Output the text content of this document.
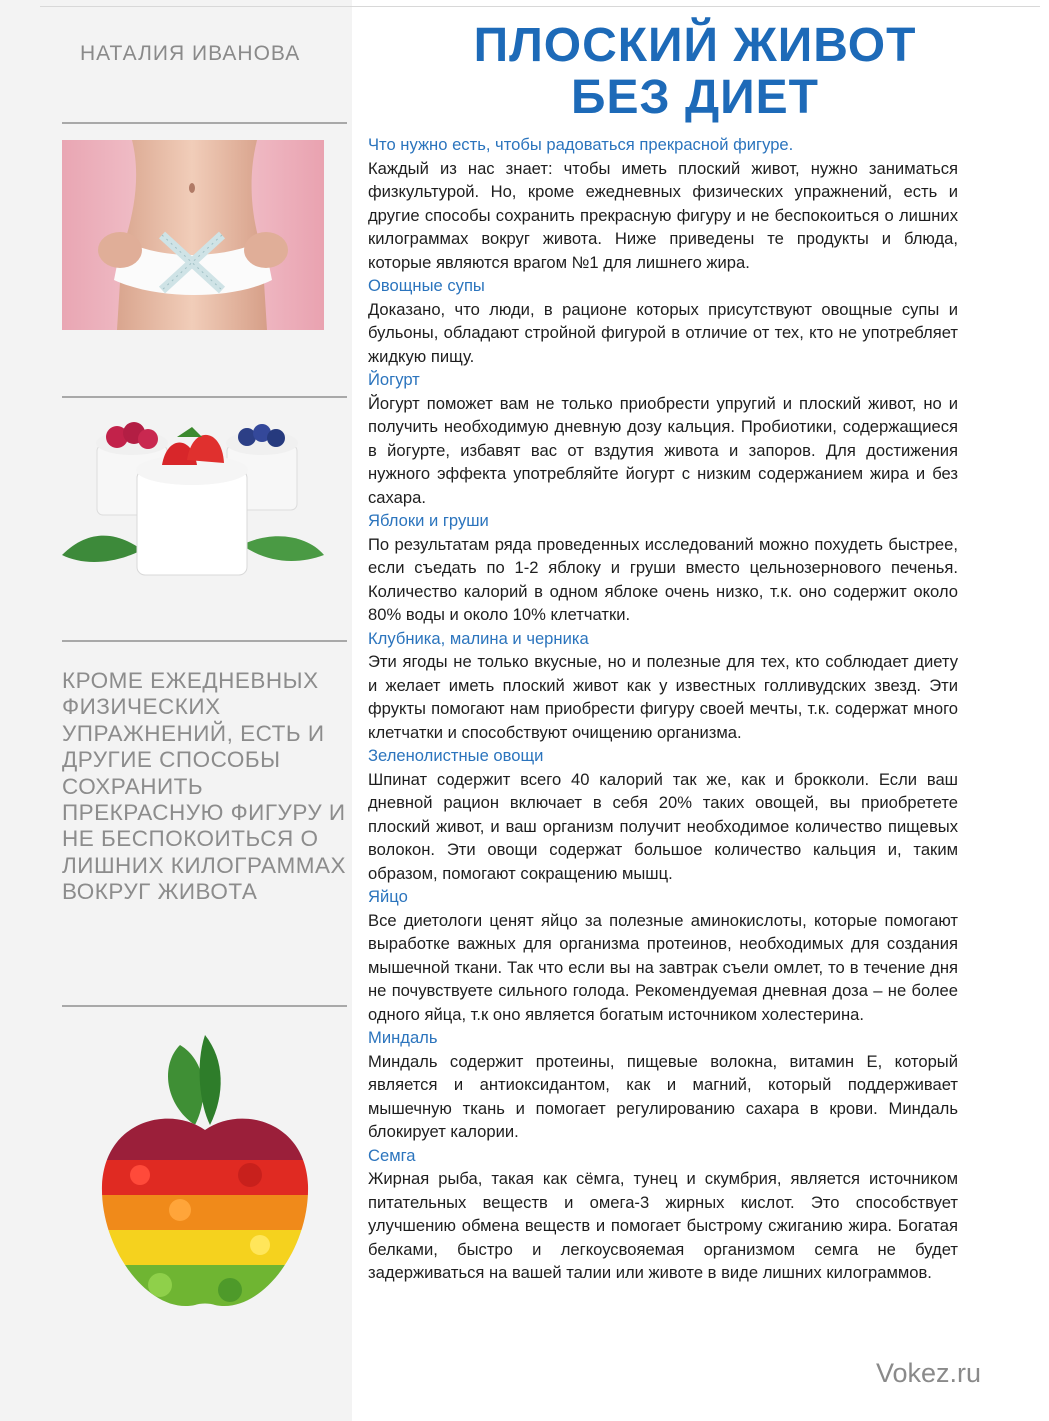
НАТАЛИЯ ИВАНОВА	ПЛОСКИЙ ЖИВОТ
БЕЗ ДИЕТ
КРОМЕ ЕЖЕДНЕВНЫХ ФИЗИЧЕСКИХ УПРАЖНЕНИЙ, ЕСТЬ И ДРУГИЕ СПОСОБЫ СОХРАНИТЬ ПРЕКРАСНУЮ ФИГУРУ И НЕ БЕСПОКОИТЬСЯ О ЛИШНИХ КИЛОГРАММАХ ВОКРУГ ЖИВОТА

Что нужно есть, чтобы радоваться прекрасной фигуре.

Каждый из нас знает: чтобы иметь плоский живот, нужно заниматься физкультурой. Но, кроме ежедневных физических упражнений, есть и другие способы сохранить прекрасную фигуру и не беспокоиться о лишних килограммах вокруг живота. Ниже приведены те продукты и блюда, которые являются врагом №1 для лишнего жира.

Овощные супы

Доказано, что люди, в рационе которых присутствуют овощные супы и бульоны, обладают стройной фигурой в отличие от тех, кто не употребляет жидкую пищу.

Йогурт

Йогурт поможет вам не только приобрести упругий и плоский живот, но и получить необходимую дневную дозу кальция. Пробиотики, содержащиеся в йогурте, избавят вас от вздутия живота и запоров. Для достижения нужного эффекта употребляйте йогурт с низким содержанием жира и без сахара.

Яблоки и груши

По результатам ряда проведенных исследований можно похудеть быстрее, если съедать по 1-2 яблоку и груши вместо цельнозернового печенья. Количество калорий в одном яблоке очень низко, т.к. оно содержит около 80% воды и около 10% клетчатки.

Клубника, малина и черника

Эти ягоды не только вкусные, но и полезные для тех, кто соблюдает диету и желает иметь плоский живот как у известных голливудских звезд. Эти фрукты помогают нам приобрести фигуру своей мечты, т.к. содержат много клетчатки и способствуют очищению организма.

Зеленолистные овощи

Шпинат содержит всего 40 калорий так же, как и брокколи. Если ваш дневной рацион включает в себя 20% таких овощей, вы приобретете плоский живот, и ваш организм получит необходимое количество пищевых волокон. Эти овощи содержат большое количество кальция и, таким образом, помогают сокращению мышц.

Яйцо

Все диетологи ценят яйцо за полезные аминокислоты, которые помогают выработке важных для организма протеинов, необходимых для создания мышечной ткани. Так что если вы на завтрак съели омлет, то в течение дня не почувствуете сильного голода. Рекомендуемая дневная доза – не более одного яйца, т.к оно является богатым источником холестерина.

Миндаль

Миндаль содержит протеины, пищевые волокна, витамин Е, который является и антиоксидантом, как и магний, который поддерживает мышечную ткань и помогает регулированию сахара в крови. Миндаль блокирует калории.

Семга

Жирная рыба, такая как сёмга, тунец и скумбрия, является источником питательных веществ и омега-3 жирных кислот. Это способствует улучшению обмена веществ и помогает быстрому сжиганию жира. Богатая белками, быстро и легкоусвояемая организмом семга не будет задерживаться на вашей талии или животе в виде лишних килограммов.

Vokez.ru
